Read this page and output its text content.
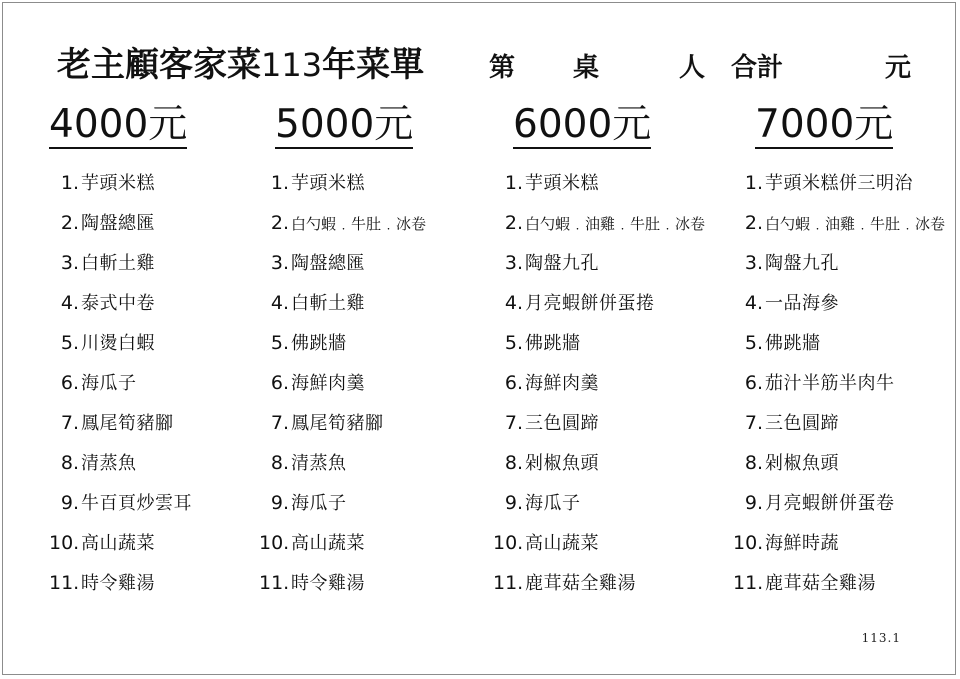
老主顧客家菜113年菜單 第 桌	人 合計	元
4000元
1. 芋頭米糕
2. 陶盤總匯
3. 白斬土雞
4. 泰式中卷
5. 川燙白蝦
6. 海瓜子
7. 鳳尾筍豬腳
8. 清蒸魚
9. 牛百頁炒雲耳
10.高山蔬菜
11.時令雞湯
5000元
1. 芋頭米糕
2. 白勺蝦﹒牛肚﹒冰卷
3. 陶盤總匯
4. 白斬土雞
5. 佛跳牆
6. 海鮮肉羹
7. 鳳尾筍豬腳
8. 清蒸魚
9. 海瓜子
10.高山蔬菜
11.時令雞湯
6000元
1. 芋頭米糕
2. 白勺蝦﹒油雞﹒牛肚﹒冰卷
3. 陶盤九孔
4. 月亮蝦餅併蛋捲
5. 佛跳牆
6. 海鮮肉羹
7. 三色圓蹄
8. 剁椒魚頭
9. 海瓜子
10.高山蔬菜
11.鹿茸菇全雞湯
7000元
1. 芋頭米糕併三明治
2. 白勺蝦﹒油雞﹒牛肚﹒冰卷
3. 陶盤九孔
4. 一品海參
5. 佛跳牆
6. 茄汁半筋半肉牛
7. 三色圓蹄
8. 剁椒魚頭
9. 月亮蝦餅併蛋卷
10.海鮮時蔬
11.鹿茸菇全雞湯
113.1
